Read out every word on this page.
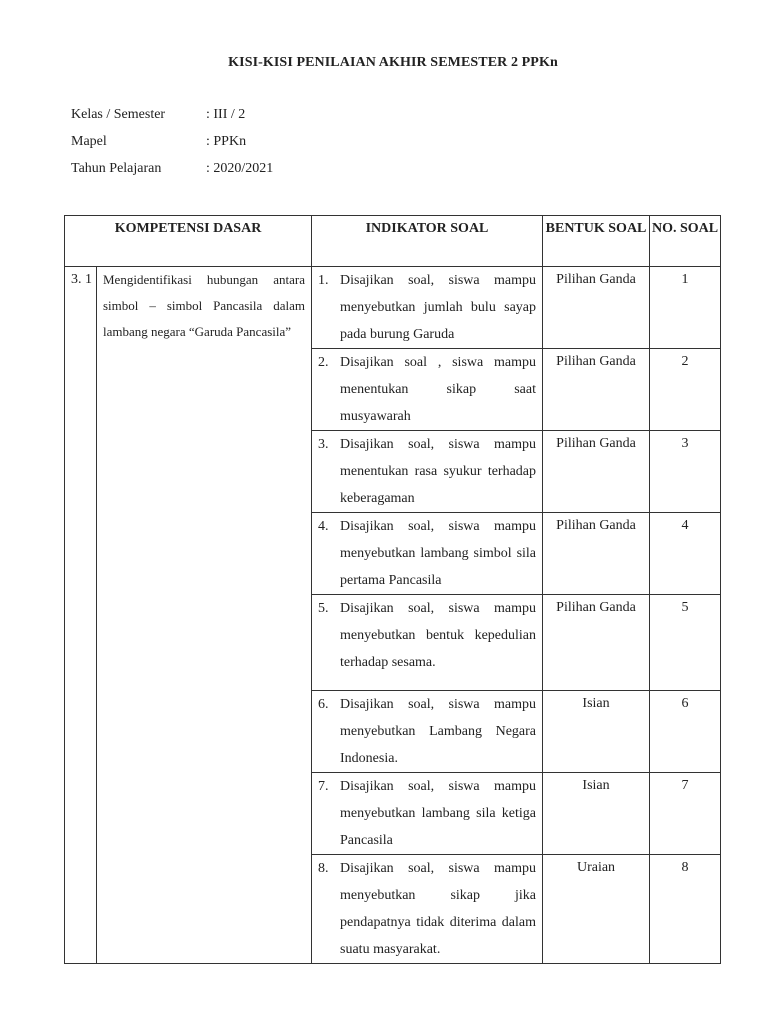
KISI-KISI PENILAIAN AKHIR SEMESTER 2 PPKn
Kelas / Semester	: III / 2
Mapel	: PPKn
Tahun Pelajaran	: 2020/2021
KOMPETENSI DASAR		INDIKATOR SOAL	BENTUK SOAL	NO. SOAL
3. 1	Mengidentifikasi hubungan antara simbol – simbol Pancasila dalam lambang negara “Garuda Pancasila”	1. Disajikan soal, siswa mampu menyebutkan jumlah bulu sayap pada burung Garuda	Pilihan Ganda	1

		2. Disajikan soal , siswa mampu menentukan sikap saat musyawarah	Pilihan Ganda	2

		3. Disajikan soal, siswa mampu menentukan rasa syukur terhadap keberagaman	Pilihan Ganda	3

		4. Disajikan soal, siswa mampu menyebutkan lambang simbol sila pertama Pancasila	Pilihan Ganda	4

		5. Disajikan soal, siswa mampu menyebutkan bentuk kepedulian terhadap sesama.	Pilihan Ganda	5

		6. Disajikan soal, siswa mampu menyebutkan Lambang Negara Indonesia.	Isian	6

		7. Disajikan soal, siswa mampu menyebutkan lambang sila ketiga Pancasila	Isian	7

		8. Disajikan soal, siswa mampu menyebutkan sikap jika pendapatnya tidak diterima dalam suatu masyarakat.	Uraian	8
